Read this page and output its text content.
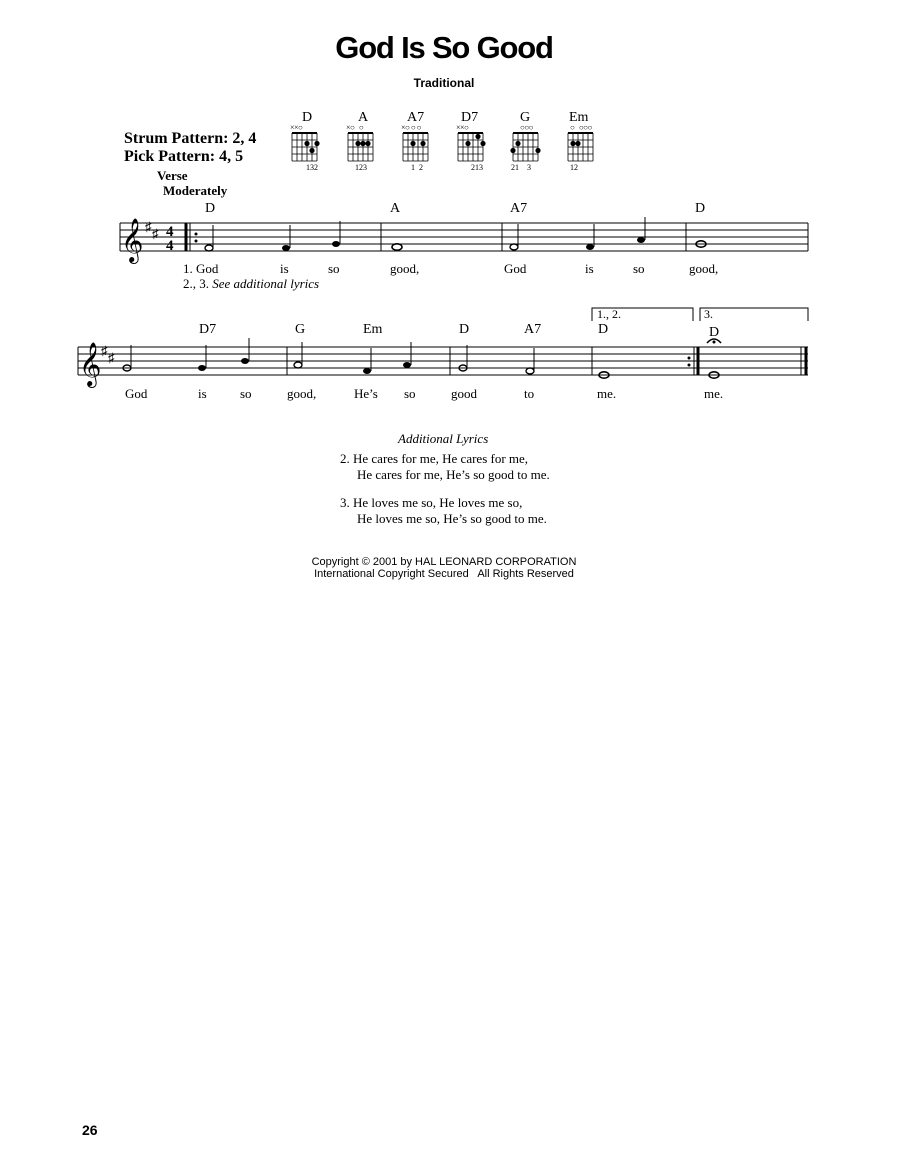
God Is So Good
Traditional
Strum Pattern: 2, 4
Pick Pattern: 4, 5
D	A	A7	D7	G	Em
××○	×○   ○	×○ ○ ○	××○	○○○	○   ○○○
132	123	1  2	213	21    3	12
Verse
Moderately
D	A	A7	D
𝄞 ♯ ♯ 4
4
1. God	is	so	good,	God	is	so	good,
2., 3. See additional lyrics
1., 2.	3.
D7	G	Em	D	A7	D	D
𝄞 ♯ ♯
God	is	so	good,	He’s so	good	to	me.	me.
Additional Lyrics
2. He cares for me, He cares for me,
He cares for me, He’s so good to me.
3. He loves me so, He loves me so,
He loves me so, He’s so good to me.
Copyright © 2001 by HAL LEONARD CORPORATION
International Copyright Secured   All Rights Reserved
26
